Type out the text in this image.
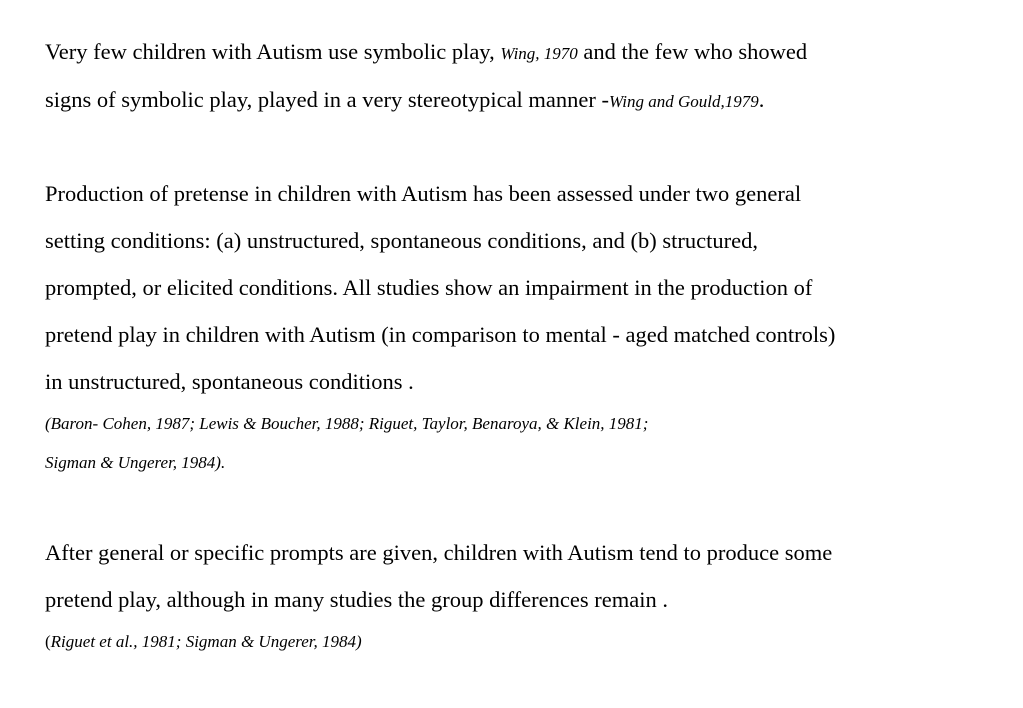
Very few children with Autism use symbolic play, Wing, 1970 and the few who showed
signs of symbolic play, played in a very stereotypical manner -Wing and Gould,1979.
Production of pretense in children with Autism has been assessed under two general
setting conditions: (a) unstructured, spontaneous conditions, and (b) structured,
prompted, or elicited conditions. All studies show an impairment in the production of
pretend play in children with Autism (in comparison to mental - aged matched controls)
in unstructured, spontaneous conditions .
(Baron- Cohen, 1987; Lewis & Boucher, 1988; Riguet, Taylor, Benaroya, & Klein, 1981;
Sigman & Ungerer, 1984).
After general or specific prompts are given, children with Autism tend to produce some
pretend play, although in many studies the group differences remain .
(Riguet et al., 1981; Sigman & Ungerer, 1984)
